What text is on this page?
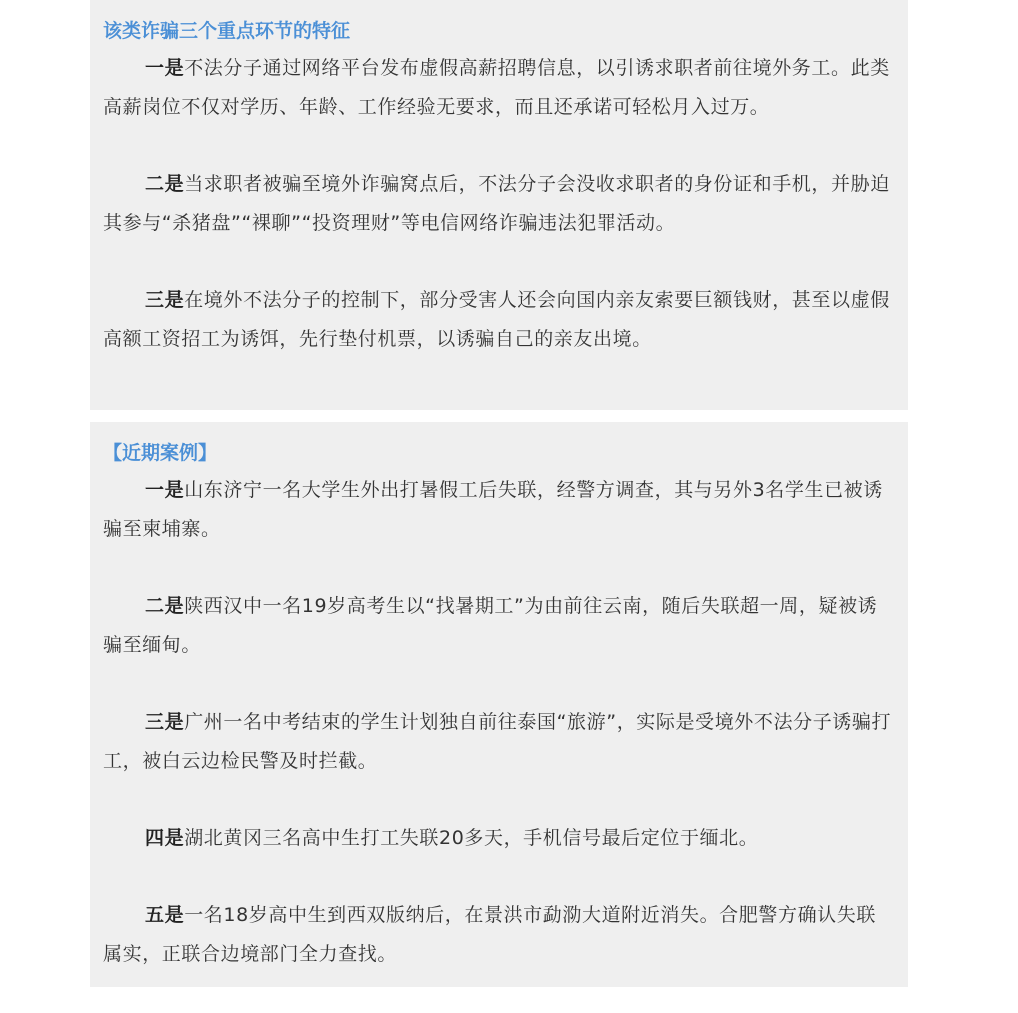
该类诈骗三个重点环节的特征

一是不法分子通过网络平台发布虚假高薪招聘信息，以引诱求职者前往境外务工。此类高薪岗位不仅对学历、年龄、工作经验无要求，而且还承诺可轻松月入过万。

二是当求职者被骗至境外诈骗窝点后，不法分子会没收求职者的身份证和手机，并胁迫其参与“杀猪盘”“裸聊”“投资理财”等电信网络诈骗违法犯罪活动。

三是在境外不法分子的控制下，部分受害人还会向国内亲友索要巨额钱财，甚至以虚假高额工资招工为诱饵，先行垫付机票，以诱骗自己的亲友出境。

【近期案例】

一是山东济宁一名大学生外出打暑假工后失联，经警方调查，其与另外3名学生已被诱骗至柬埔寨。

二是陕西汉中一名19岁高考生以“找暑期工”为由前往云南，随后失联超一周，疑被诱骗至缅甸。

三是广州一名中考结束的学生计划独自前往泰国“旅游”，实际是受境外不法分子诱骗打工，被白云边检民警及时拦截。

四是湖北黄冈三名高中生打工失联20多天，手机信号最后定位于缅北。

五是一名18岁高中生到西双版纳后，在景洪市勐泐大道附近消失。合肥警方确认失联属实，正联合边境部门全力查找。
